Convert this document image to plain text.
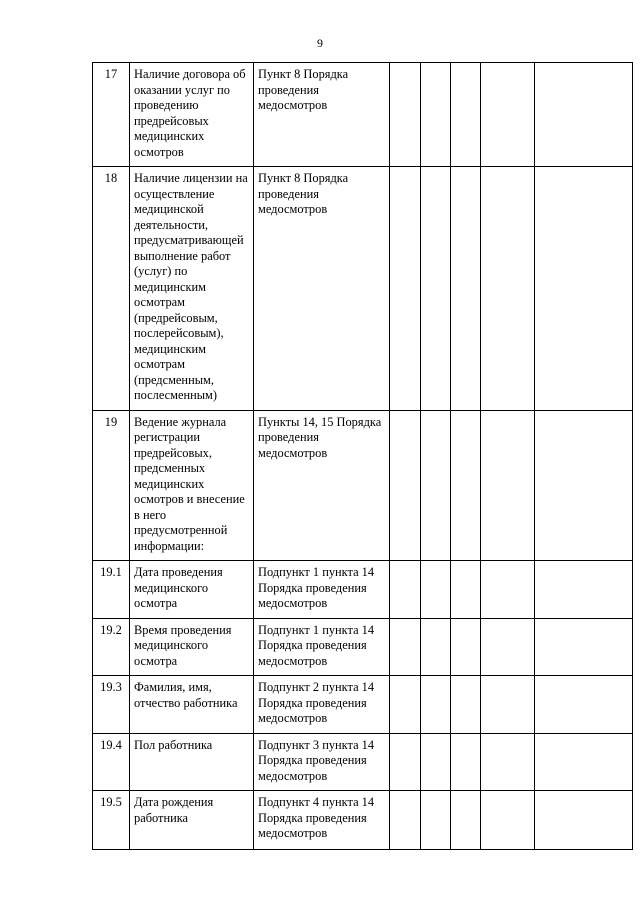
9
17	Наличие договора об оказании услуг по проведению предрейсовых медицинских осмотров	Пункт 8 Порядка проведения медосмотров					
18	Наличие лицензии на осуществление медицинской деятельности, предусматривающей выполнение работ (услуг) по медицинским осмотрам (предрейсовым, послерейсовым), медицинским осмотрам (предсменным, послесменным)	Пункт 8 Порядка проведения медосмотров					
19	Ведение журнала регистрации предрейсовых, предсменных медицинских осмотров и внесение в него предусмотренной информации:	Пункты 14, 15 Порядка проведения медосмотров					
19.1	Дата проведения медицинского осмотра	Подпункт 1 пункта 14 Порядка проведения медосмотров					
19.2	Время проведения медицинского осмотра	Подпункт 1 пункта 14 Порядка проведения медосмотров					
19.3	Фамилия, имя, отчество работника	Подпункт 2 пункта 14 Порядка проведения медосмотров					
19.4	Пол работника	Подпункт 3 пункта 14 Порядка проведения медосмотров					
19.5	Дата рождения работника	Подпункт 4 пункта 14 Порядка проведения медосмотров					
